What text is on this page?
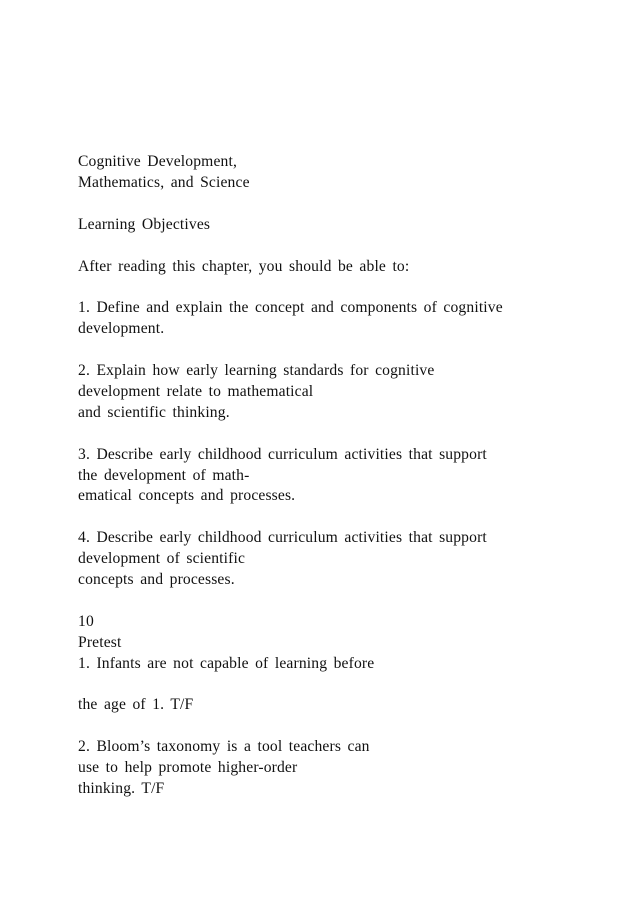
Cognitive Development,
Mathematics, and Science
Learning Objectives
After reading this chapter, you should be able to:
1. Define and explain the concept and components of cognitive
development.
2. Explain how early learning standards for cognitive
development relate to mathematical
and scientific thinking.
3. Describe early childhood curriculum activities that support
the development of math-
ematical concepts and processes.
4. Describe early childhood curriculum activities that support
development of scientific
concepts and processes.
10
Pretest
1. Infants are not capable of learning before
the age of 1. T/F
2. Bloom’s taxonomy is a tool teachers can
use to help promote higher-order
thinking. T/F
